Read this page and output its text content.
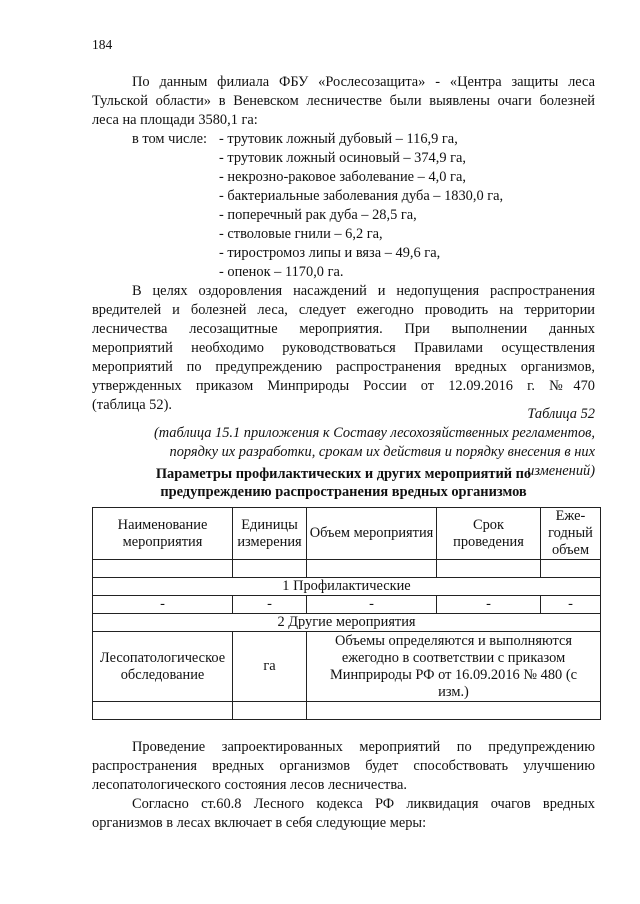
184
По данным филиала ФБУ «Рослесозащита» - «Центра защиты леса
Тульской области» в Веневском лесничестве были выявлены очаги болезней
леса на площади 3580,1 га:
в том числе: - трутовик ложный дубовый – 116,9 га,
- трутовик ложный осиновый – 374,9 га,
- некрозно-раковое заболевание – 4,0 га,
- бактериальные заболевания дуба – 1830,0 га,
- поперечный рак дуба – 28,5 га,
- стволовые гнили – 6,2 га,
- тиростромоз липы и вяза – 49,6 га,
- опенок – 1170,0 га.
В целях оздоровления насаждений и недопущения распространения
вредителей и болезней леса, следует ежегодно проводить на территории
лесничества лесозащитные мероприятия. При выполнении данных
мероприятий необходимо руководствоваться Правилами осуществления
мероприятий по предупреждению распространения вредных организмов,
утвержденных приказом Минприроды России от 12.09.2016 г. №470
(таблица 52).
Таблица 52
(таблица 15.1 приложения к Составу лесохозяйственных регламентов,
порядку их разработки, срокам их действия и порядку внесения в них
изменений)
Наименование мероприятия	Единицы измерения	Объем мероприятия	Срок проведения	Еже-годный объем

1 Профилактические				
-	-	-	-	-
2 Другие мероприятия				
Лесопатологическое обследование	га	Объемы определяются и выполняются ежегодно в соответствии с приказом Минприроды РФ от 16.09.2016 № 480 (с изм.)		

Проведение запроектированных мероприятий по предупреждению
распространения вредных организмов будет способствовать улучшению
лесопатологического состояния лесов лесничества.
Согласно ст.60.8 Лесного кодекса РФ ликвидация очагов вредных
организмов в лесах включает в себя следующие меры:
Параметры профилактических и других мероприятий по
предупреждению распространения вредных организмов
